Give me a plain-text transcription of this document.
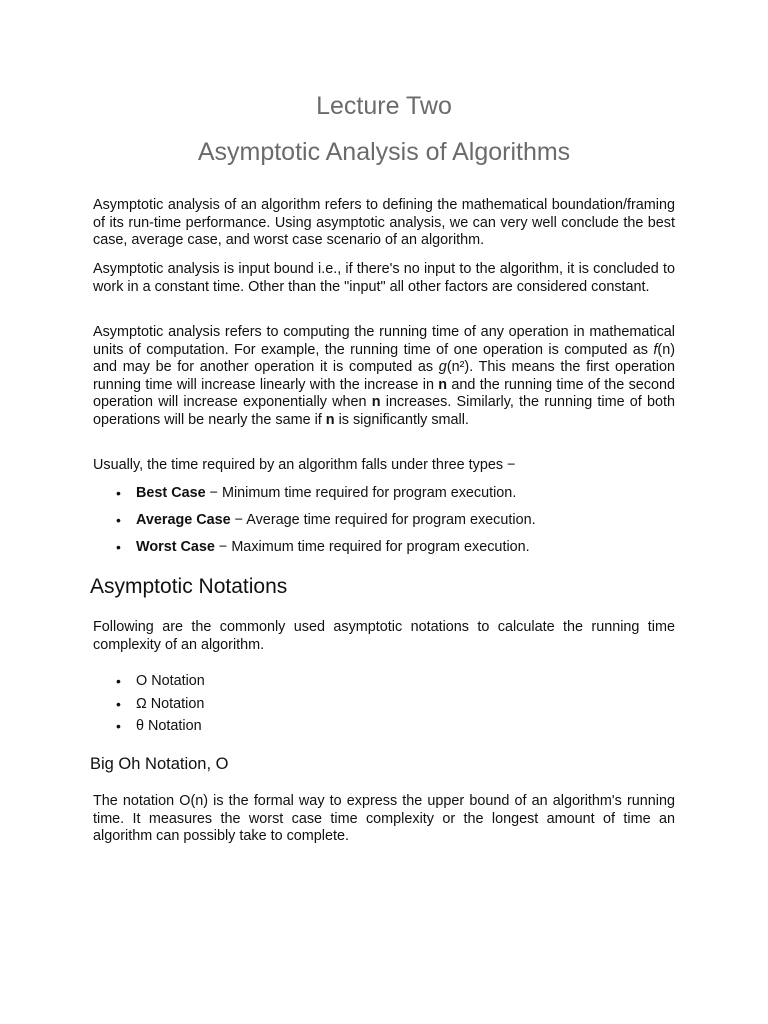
Lecture Two
Asymptotic Analysis of Algorithms

Asymptotic analysis of an algorithm refers to defining the mathematical boundation/framing of its run-time performance. Using asymptotic analysis, we can very well conclude the best case, average case, and worst case scenario of an algorithm.

Asymptotic analysis is input bound i.e., if there's no input to the algorithm, it is concluded to work in a constant time. Other than the "input" all other factors are considered constant.

Asymptotic analysis refers to computing the running time of any operation in mathematical units of computation. For example, the running time of one operation is computed as f(n) and may be for another operation it is computed as g(n²). This means the first operation running time will increase linearly with the increase in n and the running time of the second operation will increase exponentially when n increases. Similarly, the running time of both operations will be nearly the same if n is significantly small.

Usually, the time required by an algorithm falls under three types −

• Best Case − Minimum time required for program execution.
• Average Case − Average time required for program execution.
• Worst Case − Maximum time required for program execution.
Asymptotic Notations

Following are the commonly used asymptotic notations to calculate the running time complexity of an algorithm.

• O Notation
• Ω Notation
• θ Notation
Big Oh Notation, O

The notation O(n) is the formal way to express the upper bound of an algorithm's running time. It measures the worst case time complexity or the longest amount of time an algorithm can possibly take to complete.
